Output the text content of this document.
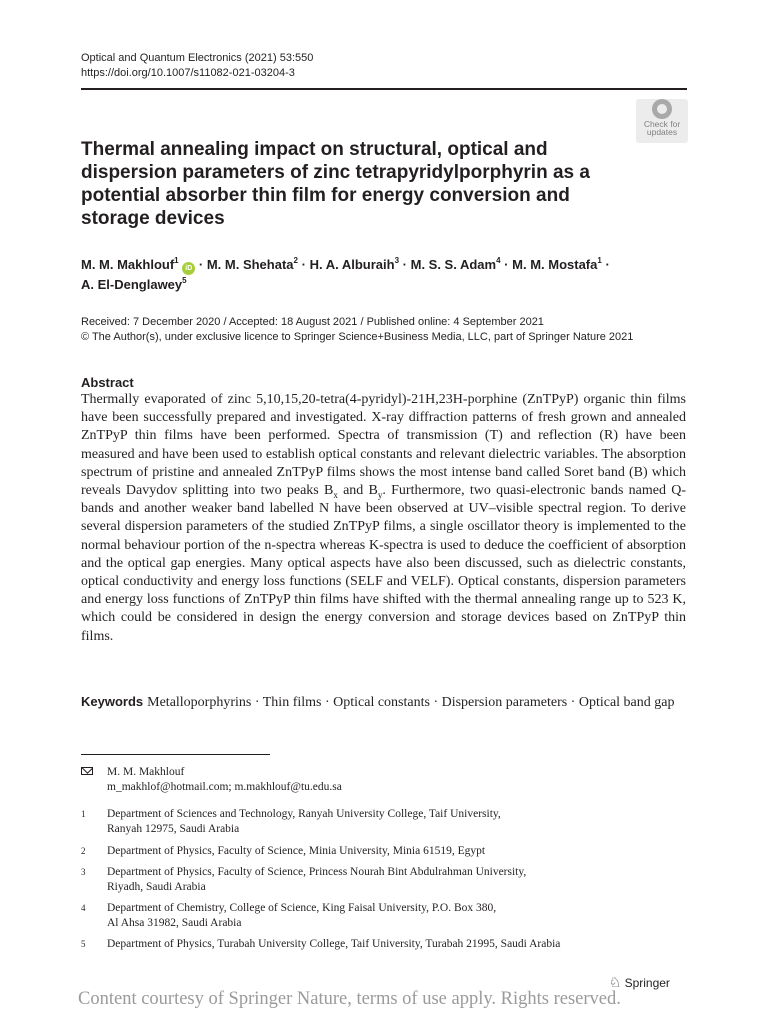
Optical and Quantum Electronics (2021) 53:550
https://doi.org/10.1007/s11082-021-03204-3
Check for
updates
Thermal annealing impact on structural, optical and dispersion parameters of zinc tetrapyridylporphyrin as a potential absorber thin film for energy conversion and storage devices
M. M. Makhlouf$^1$ iD · M. M. Shehata$^2$ · H. A. Alburaih$^3$ · M. S. S. Adam$^4$ · M. M. Mostafa$^1$ ·
A. El-Denglawey$^5$
Received: 7 December 2020 / Accepted: 18 August 2021 / Published online: 4 September 2021
© The Author(s), under exclusive licence to Springer Science+Business Media, LLC, part of Springer Nature 2021
Abstract
Thermally evaporated of zinc 5,10,15,20-tetra(4-pyridyl)-21H,23H-porphine (ZnTPyP) organic thin films have been successfully prepared and investigated. X-ray diffraction patterns of fresh grown and annealed ZnTPyP thin films have been performed. Spectra of transmission (T) and reflection (R) have been measured and have been used to establish optical constants and relevant dielectric variables. The absorption spectrum of pristine and annealed ZnTPyP films shows the most intense band called Soret band (B) which reveals Davydov splitting into two peaks $B_x$ and $B_y$. Furthermore, two quasi-electronic bands named Q-bands and another weaker band labelled N have been observed at UV–visible spectral region. To derive several dispersion parameters of the studied ZnTPyP films, a single oscillator theory is implemented to the normal behaviour portion of the n-spectra whereas K-spectra is used to deduce the coefficient of absorption and the optical gap energies. Many optical aspects have also been discussed, such as dielectric constants, optical conductivity and energy loss functions (SELF and VELF). Optical constants, dispersion parameters and energy loss functions of ZnTPyP thin films have shifted with the thermal annealing range up to 523 K, which could be considered in design the energy conversion and storage devices based on ZnTPyP thin films.
Keywords Metalloporphyrins · Thin films · Optical constants · Dispersion parameters · Optical band gap
M. M. Makhlouf
m_makhlof@hotmail.com; m.makhlouf@tu.edu.sa
1 Department of Sciences and Technology, Ranyah University College, Taif University,
Ranyah 12975, Saudi Arabia
2 Department of Physics, Faculty of Science, Minia University, Minia 61519, Egypt
3 Department of Physics, Faculty of Science, Princess Nourah Bint Abdulrahman University,
Riyadh, Saudi Arabia
4 Department of Chemistry, College of Science, King Faisal University, P.O. Box 380,
Al Ahsa 31982, Saudi Arabia
5 Department of Physics, Turabah University College, Taif University, Turabah 21995, Saudi Arabia
♘ Springer
Content courtesy of Springer Nature, terms of use apply. Rights reserved.
